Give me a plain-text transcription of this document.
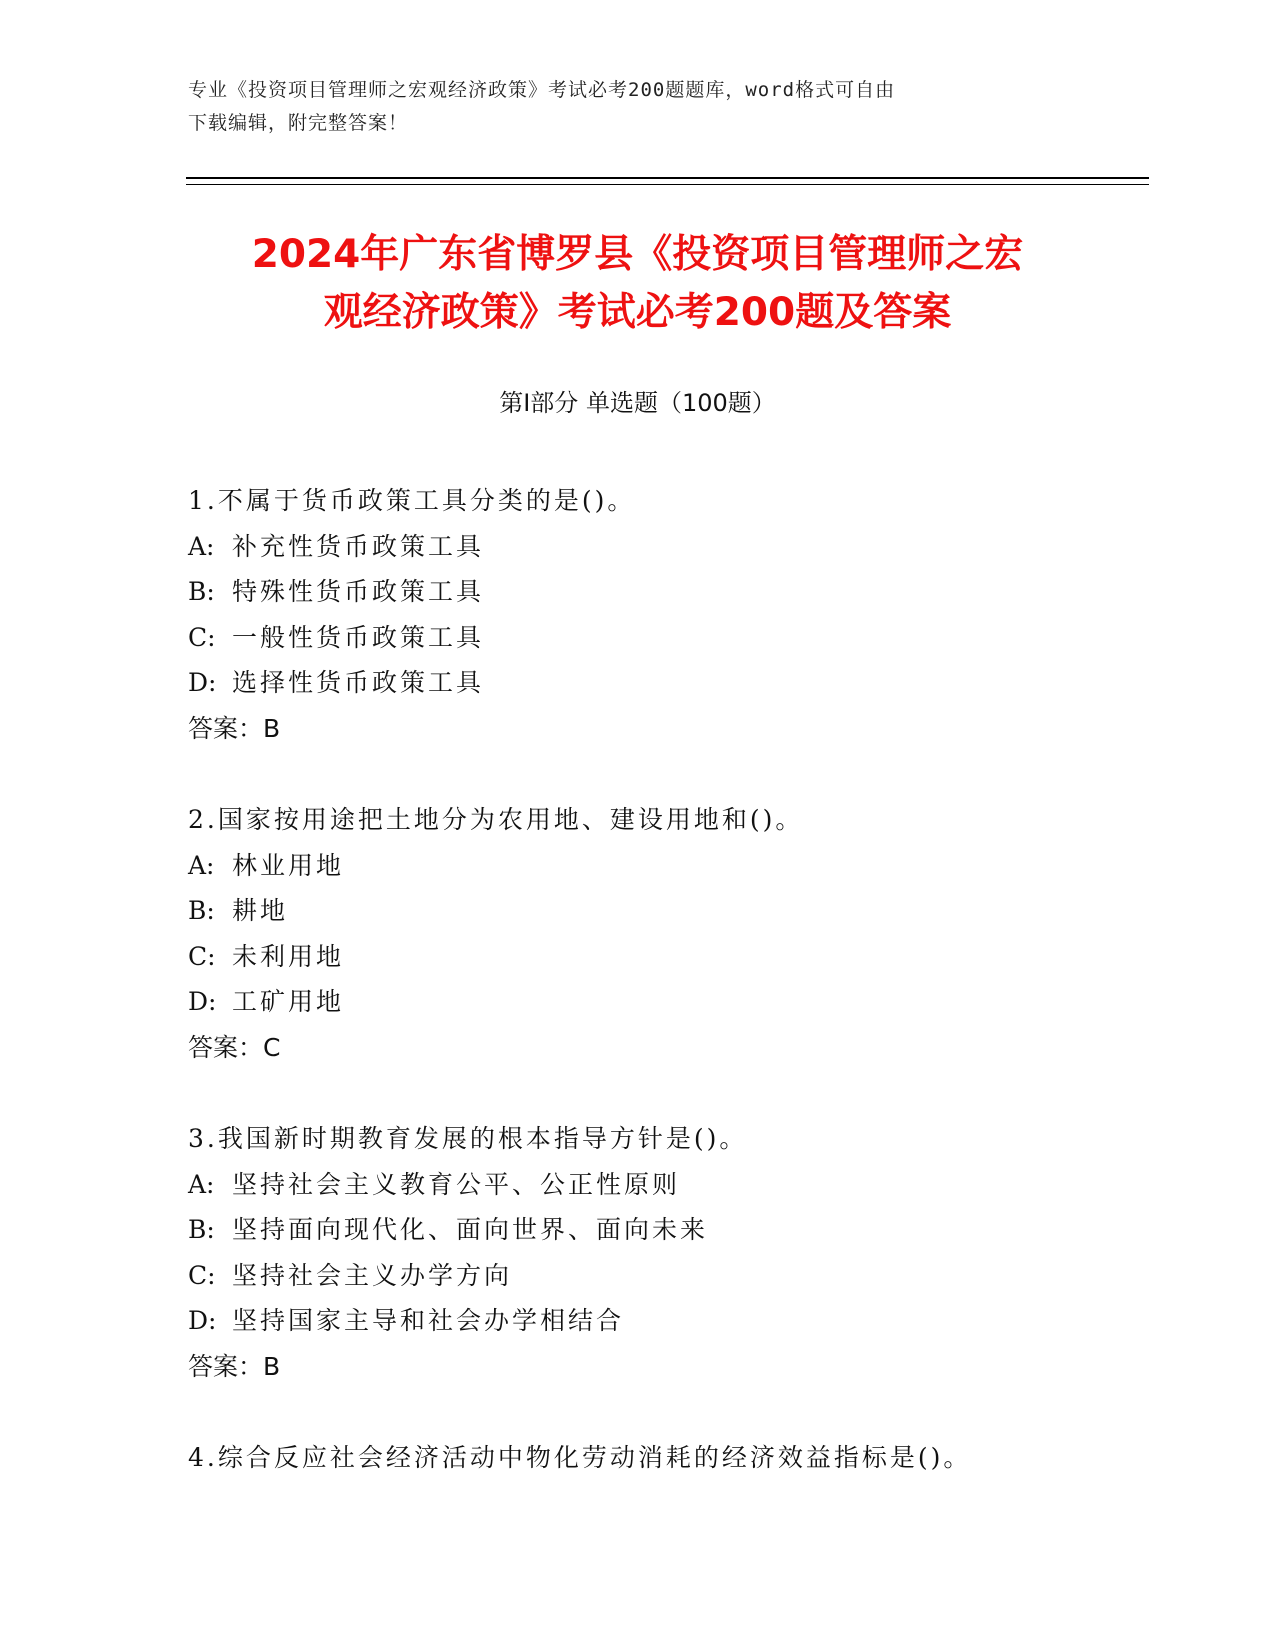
专业《投资项目管理师之宏观经济政策》考试必考200题题库，word格式可自由
下载编辑，附完整答案！
2024年广东省博罗县《投资项目管理师之宏
观经济政策》考试必考200题及答案
第Ⅰ部分 单选题（100题）
1.不属于货币政策工具分类的是()。
A: 补充性货币政策工具
B: 特殊性货币政策工具
C: 一般性货币政策工具
D: 选择性货币政策工具
答案：B
2.国家按用途把土地分为农用地、建设用地和()。
A: 林业用地
B: 耕地
C: 未利用地
D: 工矿用地
答案：C
3.我国新时期教育发展的根本指导方针是()。
A: 坚持社会主义教育公平、公正性原则
B: 坚持面向现代化、面向世界、面向未来
C: 坚持社会主义办学方向
D: 坚持国家主导和社会办学相结合
答案：B
4.综合反应社会经济活动中物化劳动消耗的经济效益指标是()。
